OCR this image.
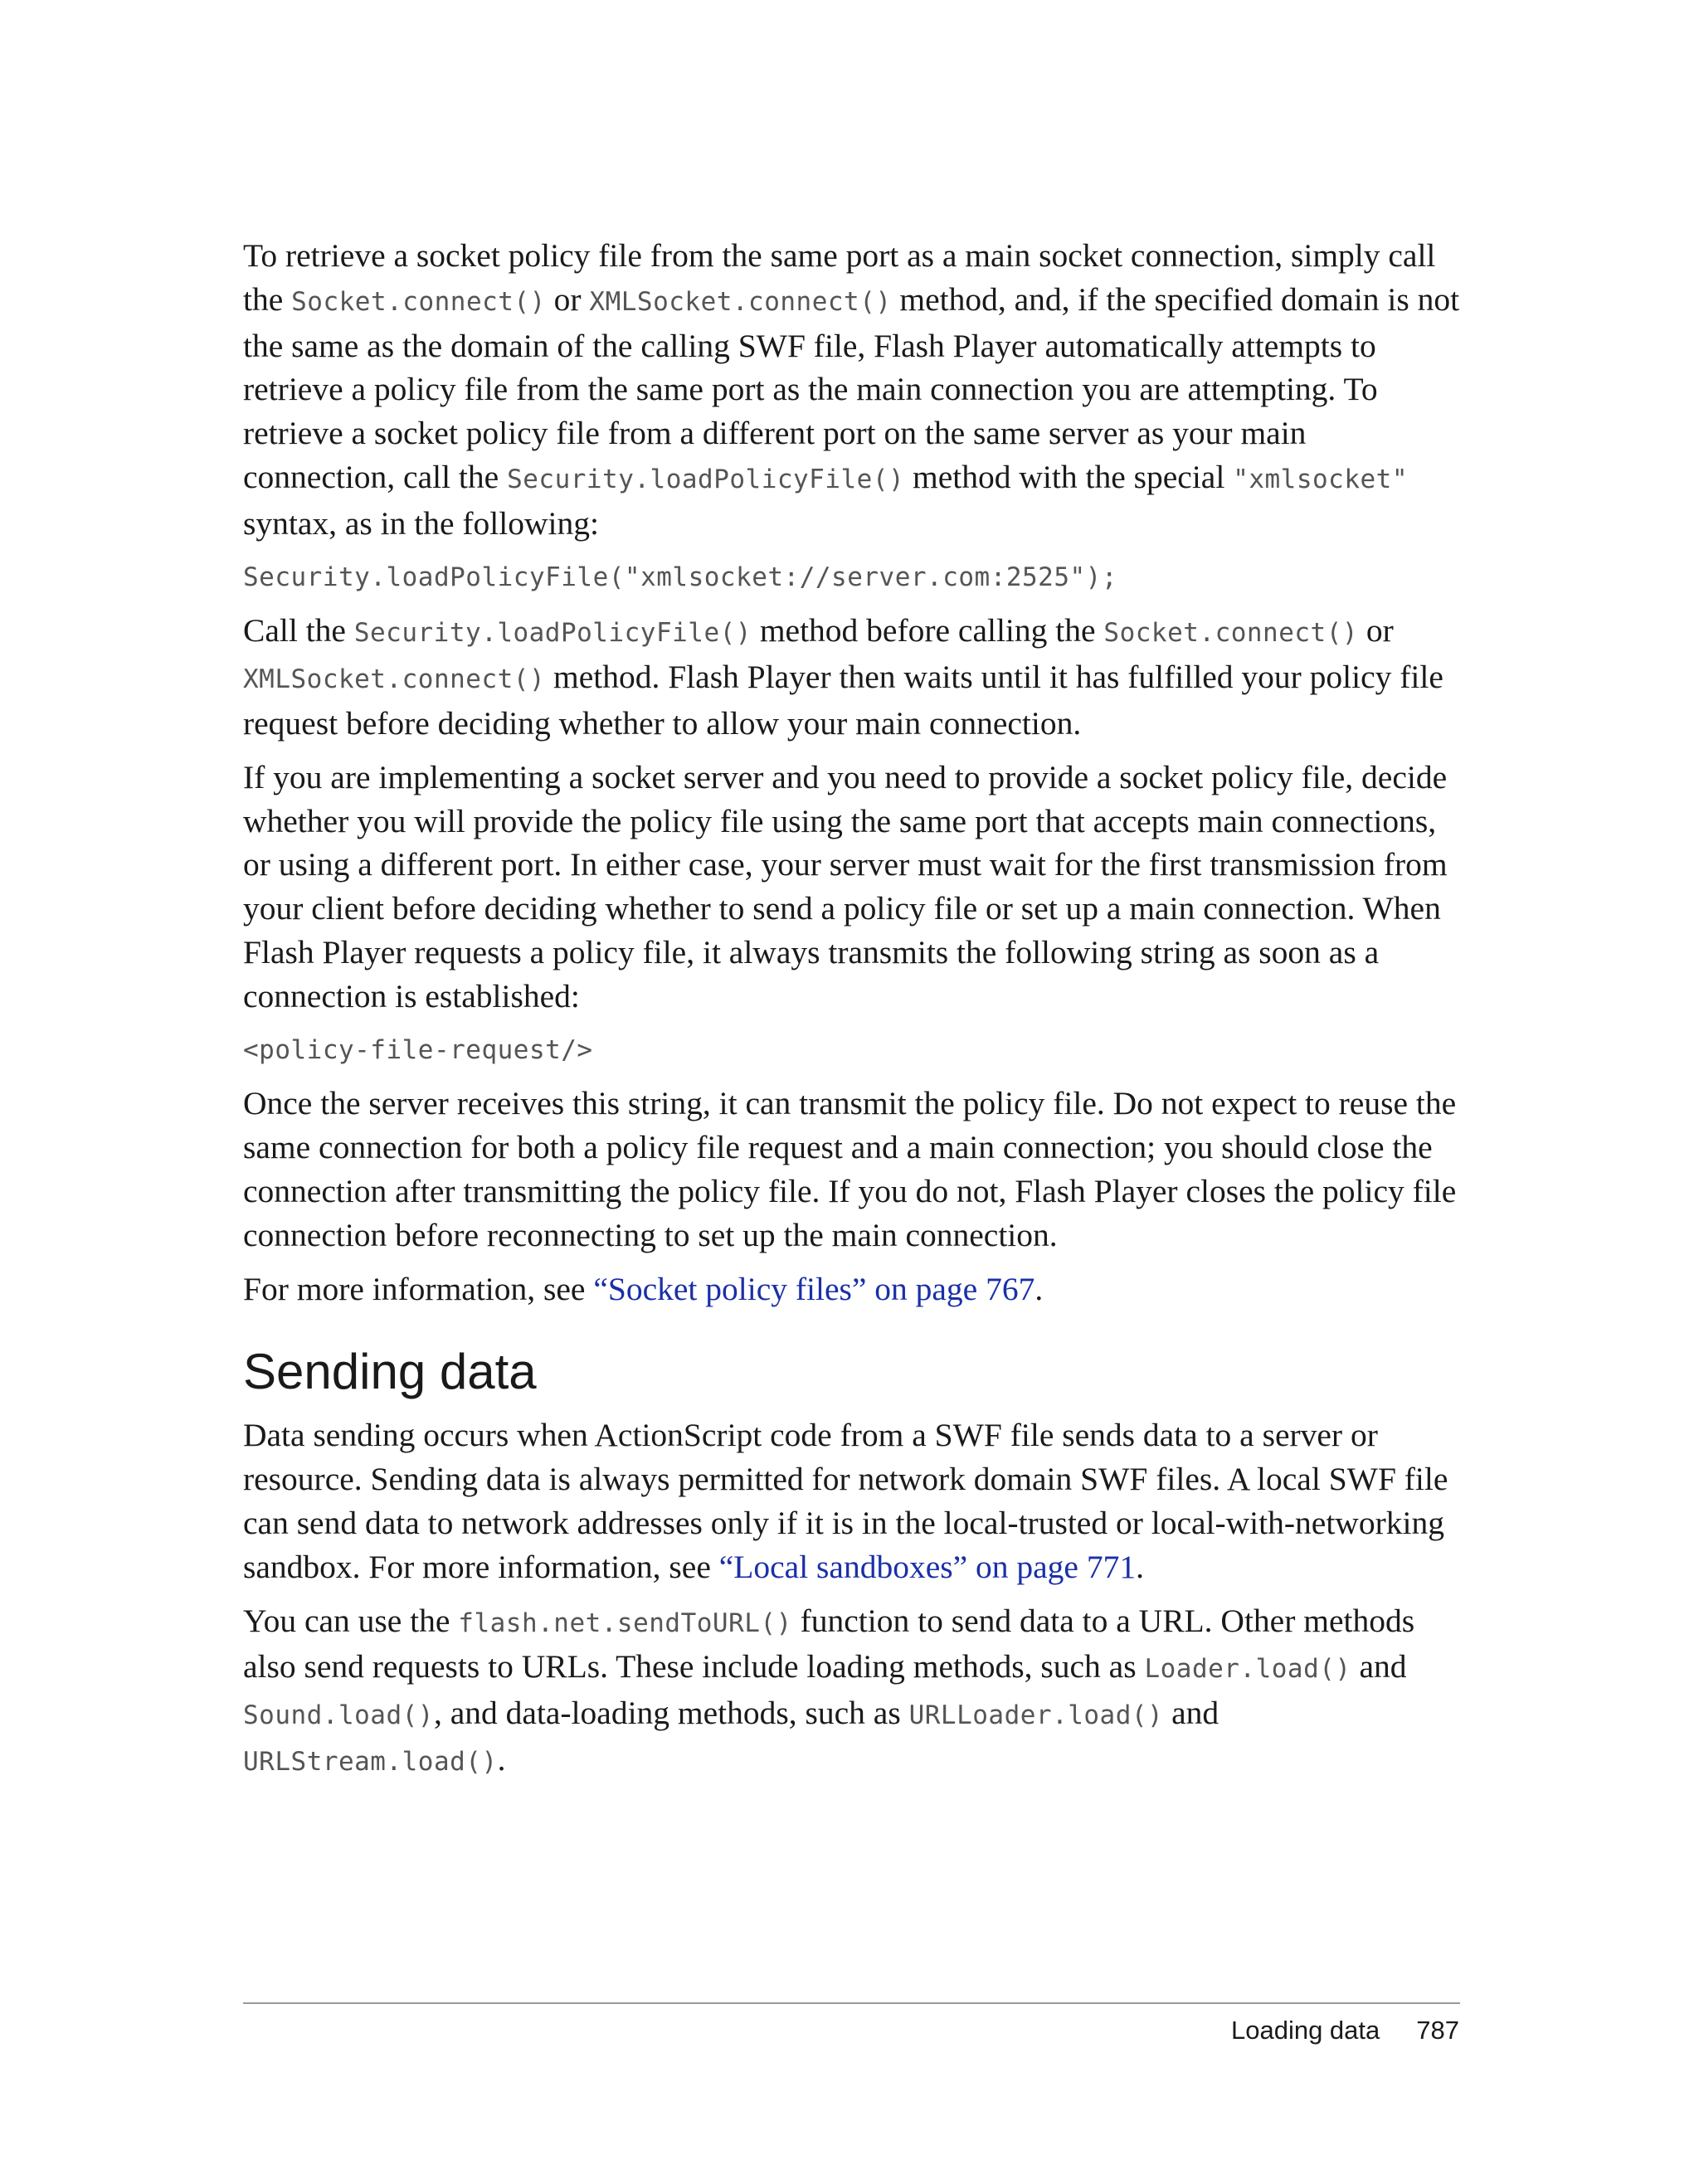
To retrieve a socket policy file from the same port as a main socket connection, simply call the Socket.connect() or XMLSocket.connect() method, and, if the specified domain is not the same as the domain of the calling SWF file, Flash Player automatically attempts to retrieve a policy file from the same port as the main connection you are attempting. To retrieve a socket policy file from a different port on the same server as your main connection, call the Security.loadPolicyFile() method with the special "xmlsocket" syntax, as in the following:

Security.loadPolicyFile("xmlsocket://server.com:2525");

Call the Security.loadPolicyFile() method before calling the Socket.connect() or XMLSocket.connect() method. Flash Player then waits until it has fulfilled your policy file request before deciding whether to allow your main connection.

If you are implementing a socket server and you need to provide a socket policy file, decide whether you will provide the policy file using the same port that accepts main connections, or using a different port. In either case, your server must wait for the first transmission from your client before deciding whether to send a policy file or set up a main connection. When Flash Player requests a policy file, it always transmits the following string as soon as a connection is established:

<policy-file-request/>

Once the server receives this string, it can transmit the policy file. Do not expect to reuse the same connection for both a policy file request and a main connection; you should close the connection after transmitting the policy file. If you do not, Flash Player closes the policy file connection before reconnecting to set up the main connection.

For more information, see “Socket policy files” on page 767.

Sending data

Data sending occurs when ActionScript code from a SWF file sends data to a server or resource. Sending data is always permitted for network domain SWF files. A local SWF file can send data to network addresses only if it is in the local-trusted or local-with-networking sandbox. For more information, see “Local sandboxes” on page 771.

You can use the flash.net.sendToURL() function to send data to a URL. Other methods also send requests to URLs. These include loading methods, such as Loader.load() and Sound.load(), and data-loading methods, such as URLLoader.load() and URLStream.load().

Loading data 787
